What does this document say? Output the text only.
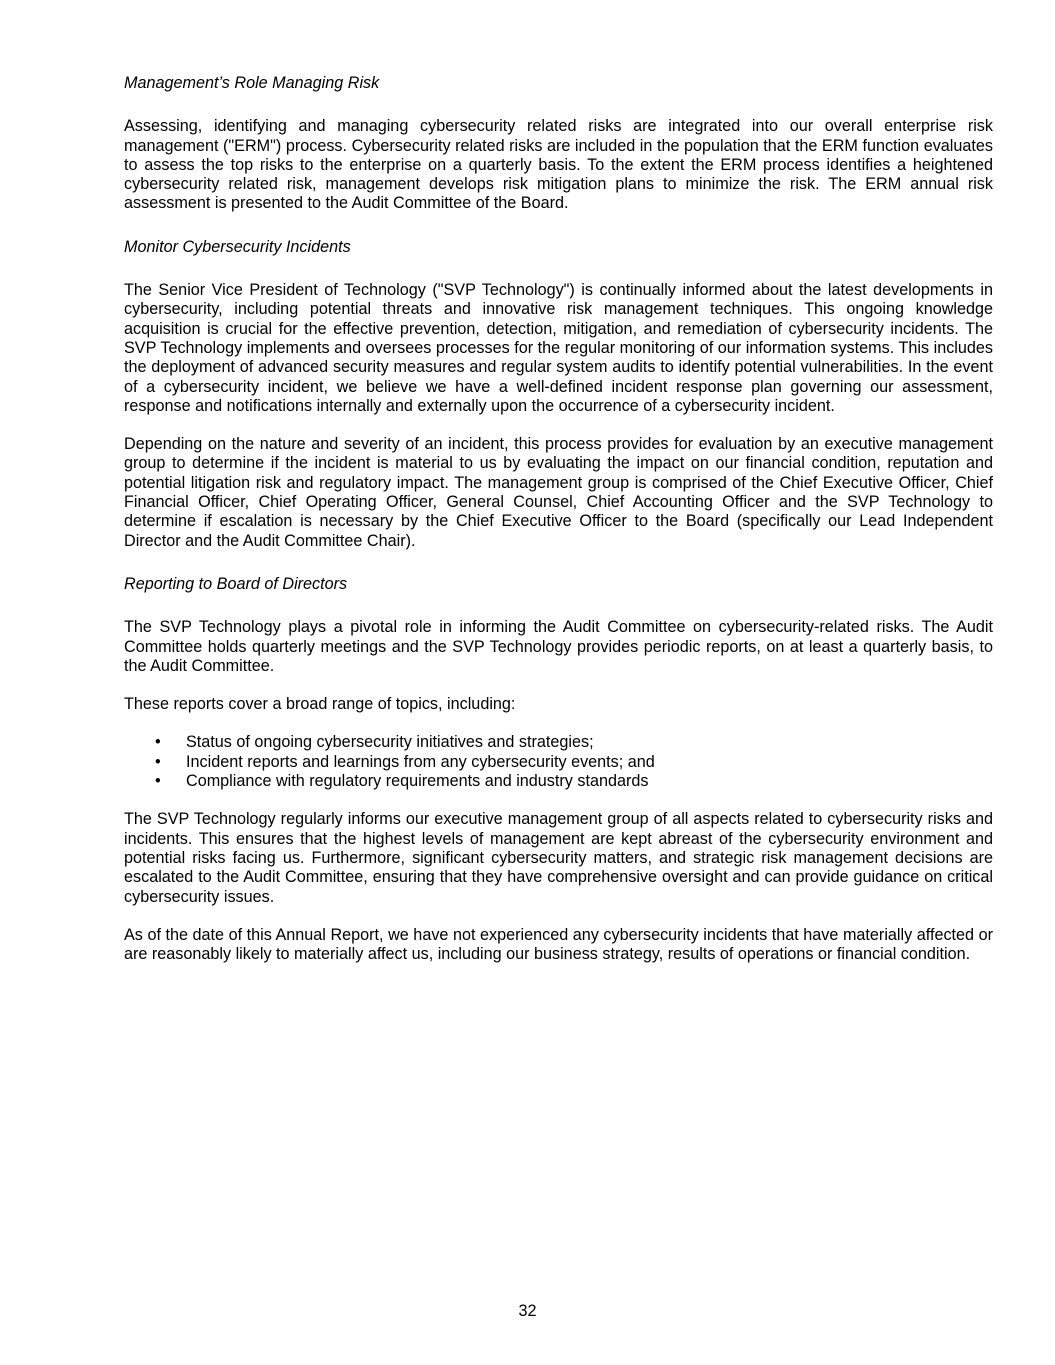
Management’s Role Managing Risk

Assessing, identifying and managing cybersecurity related risks are integrated into our overall enterprise risk management ("ERM") process. Cybersecurity related risks are included in the population that the ERM function evaluates to assess the top risks to the enterprise on a quarterly basis. To the extent the ERM process identifies a heightened cybersecurity related risk, management develops risk mitigation plans to minimize the risk. The ERM annual risk assessment is presented to the Audit Committee of the Board.

Monitor Cybersecurity Incidents

The Senior Vice President of Technology ("SVP Technology") is continually informed about the latest developments in cybersecurity, including potential threats and innovative risk management techniques. This ongoing knowledge acquisition is crucial for the effective prevention, detection, mitigation, and remediation of cybersecurity incidents. The SVP Technology implements and oversees processes for the regular monitoring of our information systems. This includes the deployment of advanced security measures and regular system audits to identify potential vulnerabilities. In the event of a cybersecurity incident, we believe we have a well-defined incident response plan governing our assessment, response and notifications internally and externally upon the occurrence of a cybersecurity incident.

Depending on the nature and severity of an incident, this process provides for evaluation by an executive management group to determine if the incident is material to us by evaluating the impact on our financial condition, reputation and potential litigation risk and regulatory impact. The management group is comprised of the Chief Executive Officer, Chief Financial Officer, Chief Operating Officer, General Counsel, Chief Accounting Officer and the SVP Technology to determine if escalation is necessary by the Chief Executive Officer to the Board (specifically our Lead Independent Director and the Audit Committee Chair).

Reporting to Board of Directors

The SVP Technology plays a pivotal role in informing the Audit Committee on cybersecurity-related risks. The Audit Committee holds quarterly meetings and the SVP Technology provides periodic reports, on at least a quarterly basis, to the Audit Committee.

These reports cover a broad range of topics, including:

• Status of ongoing cybersecurity initiatives and strategies;
• Incident reports and learnings from any cybersecurity events; and
• Compliance with regulatory requirements and industry standards

The SVP Technology regularly informs our executive management group of all aspects related to cybersecurity risks and incidents. This ensures that the highest levels of management are kept abreast of the cybersecurity environment and potential risks facing us. Furthermore, significant cybersecurity matters, and strategic risk management decisions are escalated to the Audit Committee, ensuring that they have comprehensive oversight and can provide guidance on critical cybersecurity issues.

As of the date of this Annual Report, we have not experienced any cybersecurity incidents that have materially affected or are reasonably likely to materially affect us, including our business strategy, results of operations or financial condition.

32
